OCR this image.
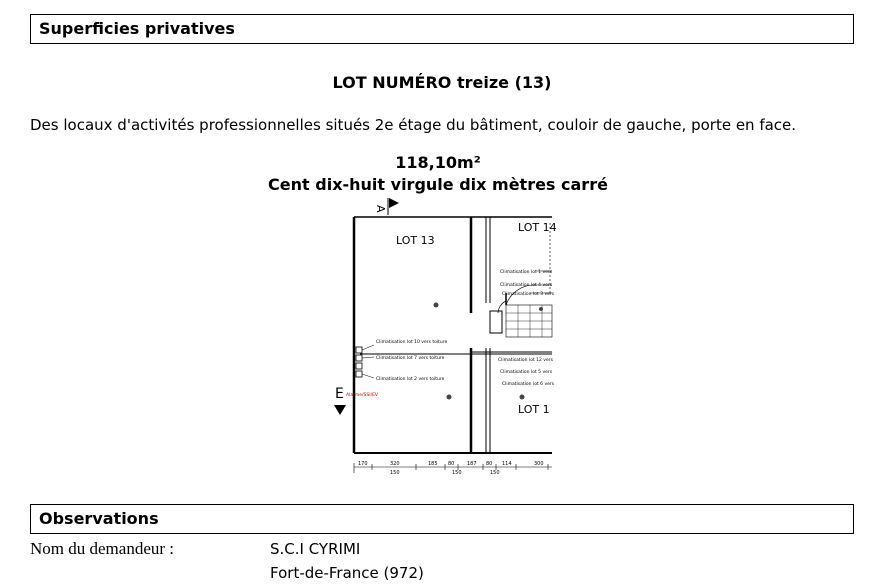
Superficies privatives
LOT NUMÉRO treize (13)
Des locaux d'activités professionnelles situés 2e étage du bâtiment, couloir de gauche, porte en face.
118,10m²
Cent dix-huit virgule dix mètres carré
A
LOT 13
LOT 14
LOT 1
Climatisation lot 10 vers toiture
Climatisation lot 7 vers toiture
Climatisation lot 2 vers toiture
Climatisation lot 1 vers
Climatisation lot 4 vers
Climatisation lot 3 vers
Climatisation lot 12 vers
Climatisation lot 5 vers
Climatisation lot 6 vers
Alarme/SSI/EV
E
170	320	185 80	187 80 114	300
150	150	150
Observations
Nom du demandeur :	S.C.I CYRIMI
Fort-de-France (972)
